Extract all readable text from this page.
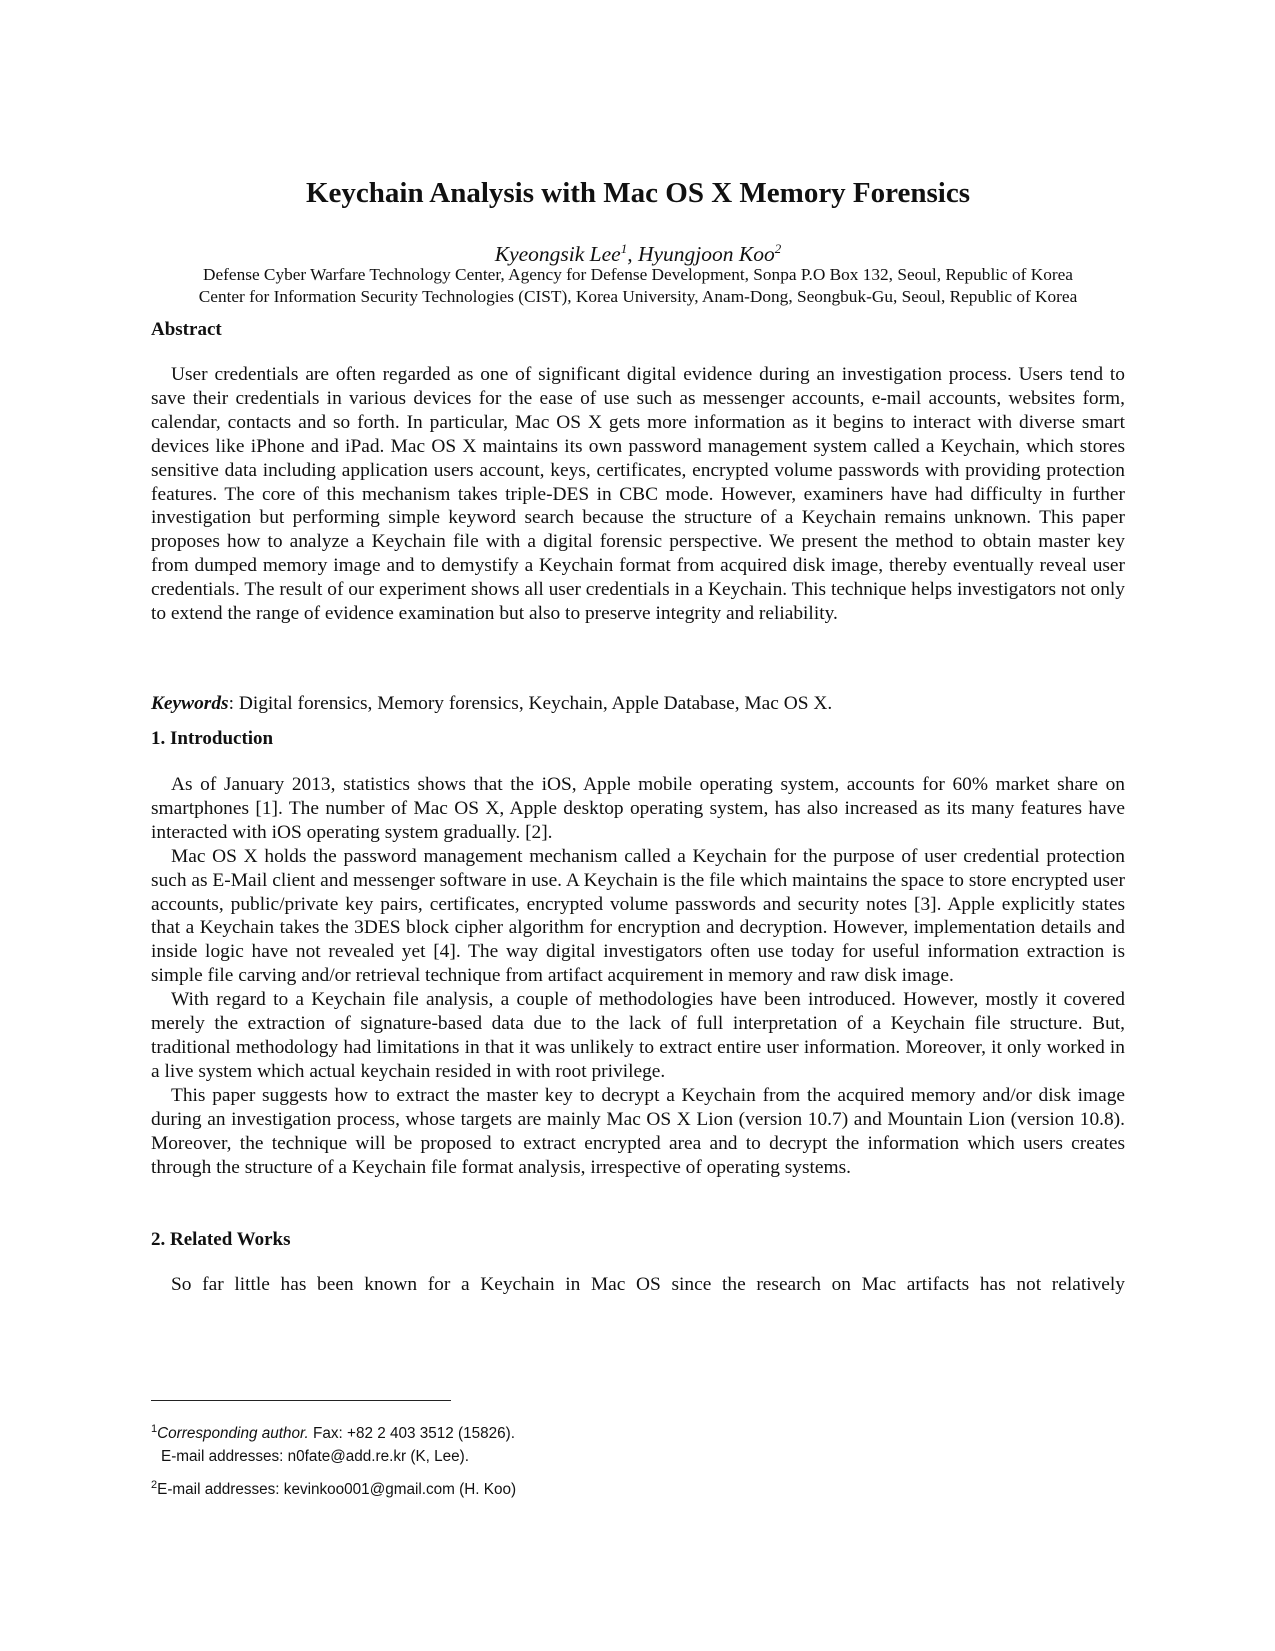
Keychain Analysis with Mac OS X Memory Forensics
Kyeongsik Lee$^1$, Hyungjoon Koo$^2$
Defense Cyber Warfare Technology Center, Agency for Defense Development, Sonpa P.O Box 132, Seoul, Republic of Korea
Center for Information Security Technologies (CIST), Korea University, Anam-Dong, Seongbuk-Gu, Seoul, Republic of Korea
Abstract

User credentials are often regarded as one of significant digital evidence during an investigation process. Users tend to save their credentials in various devices for the ease of use such as messenger accounts, e-mail accounts, websites form, calendar, contacts and so forth. In particular, Mac OS X gets more information as it begins to interact with diverse smart devices like iPhone and iPad. Mac OS X maintains its own password management system called a Keychain, which stores sensitive data including application users account, keys, certificates, encrypted volume passwords with providing protection features. The core of this mechanism takes triple-DES in CBC mode. However, examiners have had difficulty in further investigation but performing simple keyword search because the structure of a Keychain remains unknown. This paper proposes how to analyze a Keychain file with a digital forensic perspective. We present the method to obtain master key from dumped memory image and to demystify a Keychain format from acquired disk image, thereby eventually reveal user credentials. The result of our experiment shows all user credentials in a Keychain. This technique helps investigators not only to extend the range of evidence examination but also to preserve integrity and reliability.

Keywords: Digital forensics, Memory forensics, Keychain, Apple Database, Mac OS X.
1. Introduction

As of January 2013, statistics shows that the iOS, Apple mobile operating system, accounts for 60% market share on smartphones [1]. The number of Mac OS X, Apple desktop operating system, has also increased as its many features have interacted with iOS operating system gradually. [2].

Mac OS X holds the password management mechanism called a Keychain for the purpose of user credential protection such as E-Mail client and messenger software in use. A Keychain is the file which maintains the space to store encrypted user accounts, public/private key pairs, certificates, encrypted volume passwords and security notes [3]. Apple explicitly states that a Keychain takes the 3DES block cipher algorithm for encryption and decryption. However, implementation details and inside logic have not revealed yet [4]. The way digital investigators often use today for useful information extraction is simple file carving and/or retrieval technique from artifact acquirement in memory and raw disk image.

With regard to a Keychain file analysis, a couple of methodologies have been introduced. However, mostly it covered merely the extraction of signature-based data due to the lack of full interpretation of a Keychain file structure. But, traditional methodology had limitations in that it was unlikely to extract entire user information. Moreover, it only worked in a live system which actual keychain resided in with root privilege.

This paper suggests how to extract the master key to decrypt a Keychain from the acquired memory and/or disk image during an investigation process, whose targets are mainly Mac OS X Lion (version 10.7) and Mountain Lion (version 10.8). Moreover, the technique will be proposed to extract encrypted area and to decrypt the information which users creates through the structure of a Keychain file format analysis, irrespective of operating systems.

2. Related Works

So far little has been known for a Keychain in Mac OS since the research on Mac artifacts has not relatively

$^1$Corresponding author. Fax: +82 2 403 3512 (15826).
E-mail addresses: n0fate@add.re.kr (K, Lee).
$^2$E-mail addresses: kevinkoo001@gmail.com (H. Koo)
